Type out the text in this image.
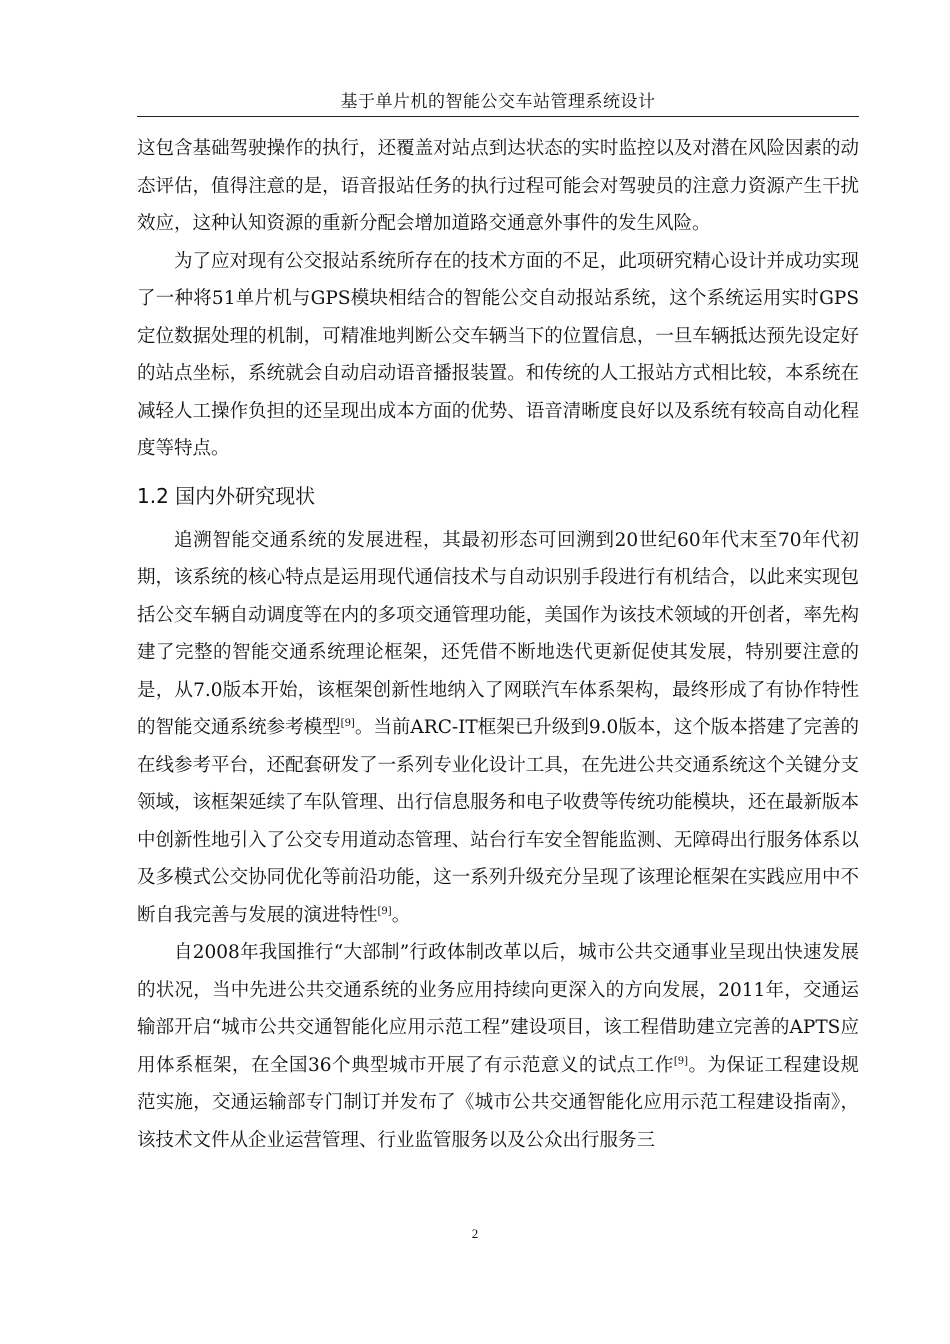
基于单片机的智能公交车站管理系统设计

这包含基础驾驶操作的执行，还覆盖对站点到达状态的实时监控以及对潜在风险因素的动态评估，值得注意的是，语音报站任务的执行过程可能会对驾驶员的注意力资源产生干扰效应，这种认知资源的重新分配会增加道路交通意外事件的发生风险。

为了应对现有公交报站系统所存在的技术方面的不足，此项研究精心设计并成功实现了一种将51单片机与GPS模块相结合的智能公交自动报站系统，这个系统运用实时GPS定位数据处理的机制，可精准地判断公交车辆当下的位置信息，一旦车辆抵达预先设定好的站点坐标，系统就会自动启动语音播报装置。和传统的人工报站方式相比较，本系统在减轻人工操作负担的还呈现出成本方面的优势、语音清晰度良好以及系统有较高自动化程度等特点。

1.2 国内外研究现状

追溯智能交通系统的发展进程，其最初形态可回溯到20世纪60年代末至70年代初期，该系统的核心特点是运用现代通信技术与自动识别手段进行有机结合，以此来实现包括公交车辆自动调度等在内的多项交通管理功能，美国作为该技术领域的开创者，率先构建了完整的智能交通系统理论框架，还凭借不断地迭代更新促使其发展，特别要注意的是，从7.0版本开始，该框架创新性地纳入了网联汽车体系架构，最终形成了有协作特性的智能交通系统参考模型[9]。当前ARC-IT框架已升级到9.0版本，这个版本搭建了完善的在线参考平台，还配套研发了一系列专业化设计工具，在先进公共交通系统这个关键分支领域，该框架延续了车队管理、出行信息服务和电子收费等传统功能模块，还在最新版本中创新性地引入了公交专用道动态管理、站台行车安全智能监测、无障碍出行服务体系以及多模式公交协同优化等前沿功能，这一系列升级充分呈现了该理论框架在实践应用中不断自我完善与发展的演进特性[9]。

自2008年我国推行“大部制”行政体制改革以后，城市公共交通事业呈现出快速发展的状况，当中先进公共交通系统的业务应用持续向更深入的方向发展，2011年，交通运输部开启“城市公共交通智能化应用示范工程”建设项目，该工程借助建立完善的APTS应用体系框架，在全国36个典型城市开展了有示范意义的试点工作[9]。为保证工程建设规范实施，交通运输部专门制订并发布了《城市公共交通智能化应用示范工程建设指南》，该技术文件从企业运营管理、行业监管服务以及公众出行服务三

2
